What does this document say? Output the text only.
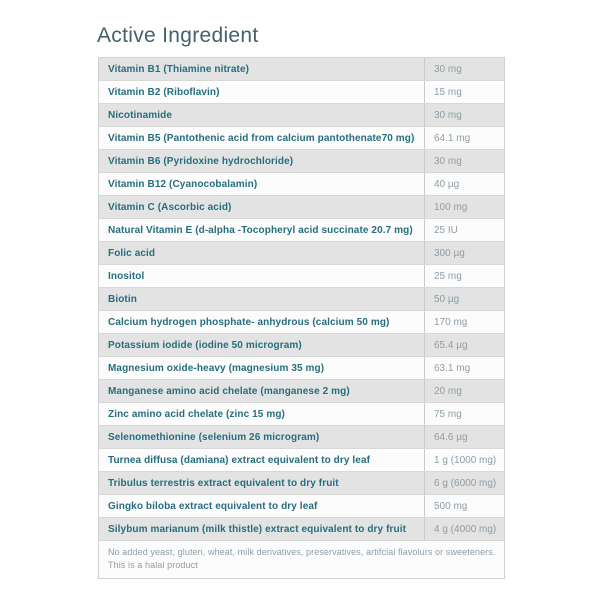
Active Ingredient
Vitamin B1 (Thiamine nitrate)	30 mg
Vitamin B2 (Riboflavin)	15 mg
Nicotinamide	30 mg
Vitamin B5 (Pantothenic acid from calcium pantothenate70 mg)	64.1 mg
Vitamin B6 (Pyridoxine hydrochloride)	30 mg
Vitamin B12 (Cyanocobalamin)	40 µg
Vitamin C (Ascorbic acid)	100 mg
Natural Vitamin E (d-alpha -Tocopheryl acid succinate 20.7 mg)	25 IU
Folic acid	300 µg
Inositol	25 mg
Biotin	50 µg
Calcium hydrogen phosphate- anhydrous (calcium 50 mg)	170 mg
Potassium iodide (iodine 50 microgram)	65.4 µg
Magnesium oxide-heavy (magnesium 35 mg)	63.1 mg
Manganese amino acid chelate (manganese 2 mg)	20 mg
Zinc amino acid chelate (zinc 15 mg)	75 mg
Selenomethionine (selenium 26 microgram)	64.6 µg
Turnea diffusa (damiana) extract equivalent to dry leaf	1 g (1000 mg)
Tribulus terrestris extract equivalent to dry fruit	6 g (6000 mg)
Gingko biloba extract equivalent to dry leaf	500 mg
Silybum marianum (milk thistle) extract equivalent to dry fruit	4 g (4000 mg)
No added yeast, gluten, wheat, milk derivatives, preservatives, artifcial flavolurs or sweeteners.
This is a halal product
